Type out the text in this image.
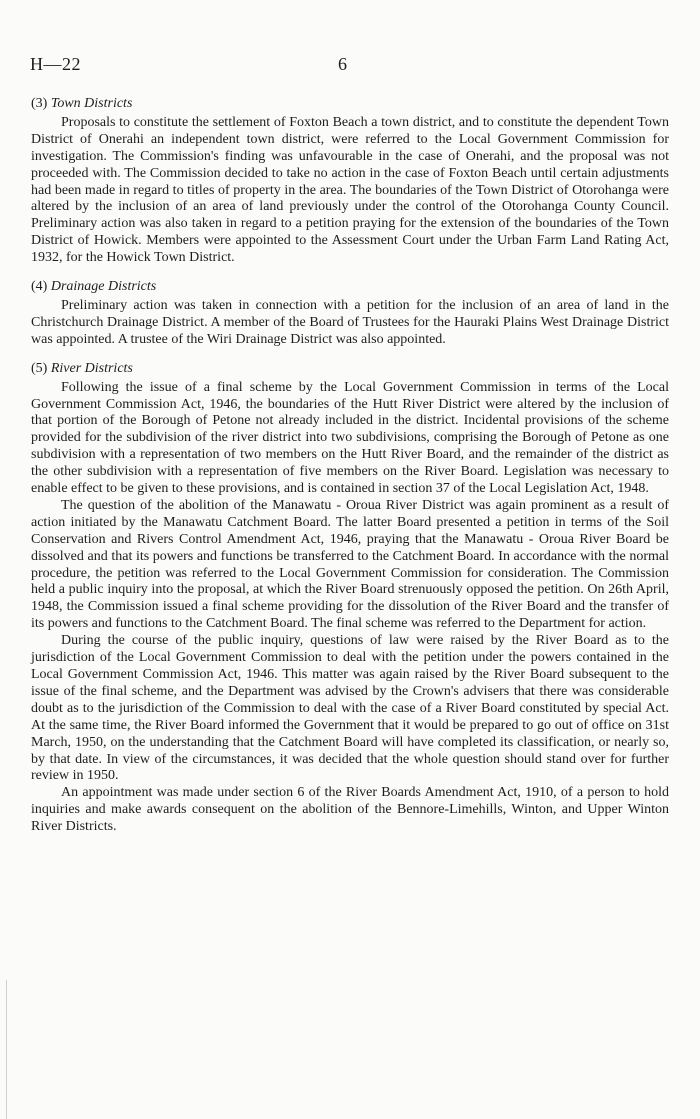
H—22	6

(3) Town Districts

Proposals to constitute the settlement of Foxton Beach a town district, and to constitute the dependent Town District of Onerahi an independent town district, were referred to the Local Government Commission for investigation. The Commission's finding was unfavourable in the case of Onerahi, and the proposal was not proceeded with. The Commission decided to take no action in the case of Foxton Beach until certain adjustments had been made in regard to titles of property in the area. The boundaries of the Town District of Otorohanga were altered by the inclusion of an area of land previously under the control of the Otorohanga County Council. Preliminary action was also taken in regard to a petition praying for the extension of the boundaries of the Town District of Howick. Members were appointed to the Assessment Court under the Urban Farm Land Rating Act, 1932, for the Howick Town District.

(4) Drainage Districts

Preliminary action was taken in connection with a petition for the inclusion of an area of land in the Christchurch Drainage District. A member of the Board of Trustees for the Hauraki Plains West Drainage District was appointed. A trustee of the Wiri Drainage District was also appointed.

(5) River Districts

Following the issue of a final scheme by the Local Government Commission in terms of the Local Government Commission Act, 1946, the boundaries of the Hutt River District were altered by the inclusion of that portion of the Borough of Petone not already included in the district. Incidental provisions of the scheme provided for the subdivision of the river district into two subdivisions, comprising the Borough of Petone as one subdivision with a representation of two members on the Hutt River Board, and the remainder of the district as the other subdivision with a representation of five members on the River Board. Legislation was necessary to enable effect to be given to these provisions, and is contained in section 37 of the Local Legislation Act, 1948.

The question of the abolition of the Manawatu - Oroua River District was again prominent as a result of action initiated by the Manawatu Catchment Board. The latter Board presented a petition in terms of the Soil Conservation and Rivers Control Amendment Act, 1946, praying that the Manawatu - Oroua River Board be dissolved and that its powers and functions be transferred to the Catchment Board. In accordance with the normal procedure, the petition was referred to the Local Government Commission for consideration. The Commission held a public inquiry into the proposal, at which the River Board strenuously opposed the petition. On 26th April, 1948, the Commission issued a final scheme providing for the dissolution of the River Board and the transfer of its powers and functions to the Catchment Board. The final scheme was referred to the Department for action.

During the course of the public inquiry, questions of law were raised by the River Board as to the jurisdiction of the Local Government Commission to deal with the petition under the powers contained in the Local Government Commission Act, 1946. This matter was again raised by the River Board subsequent to the issue of the final scheme, and the Department was advised by the Crown's advisers that there was considerable doubt as to the jurisdiction of the Commission to deal with the case of a River Board constituted by special Act. At the same time, the River Board informed the Government that it would be prepared to go out of office on 31st March, 1950, on the understanding that the Catchment Board will have completed its classification, or nearly so, by that date. In view of the circumstances, it was decided that the whole question should stand over for further review in 1950.

An appointment was made under section 6 of the River Boards Amendment Act, 1910, of a person to hold inquiries and make awards consequent on the abolition of the Bennore-Limehills, Winton, and Upper Winton River Districts.
